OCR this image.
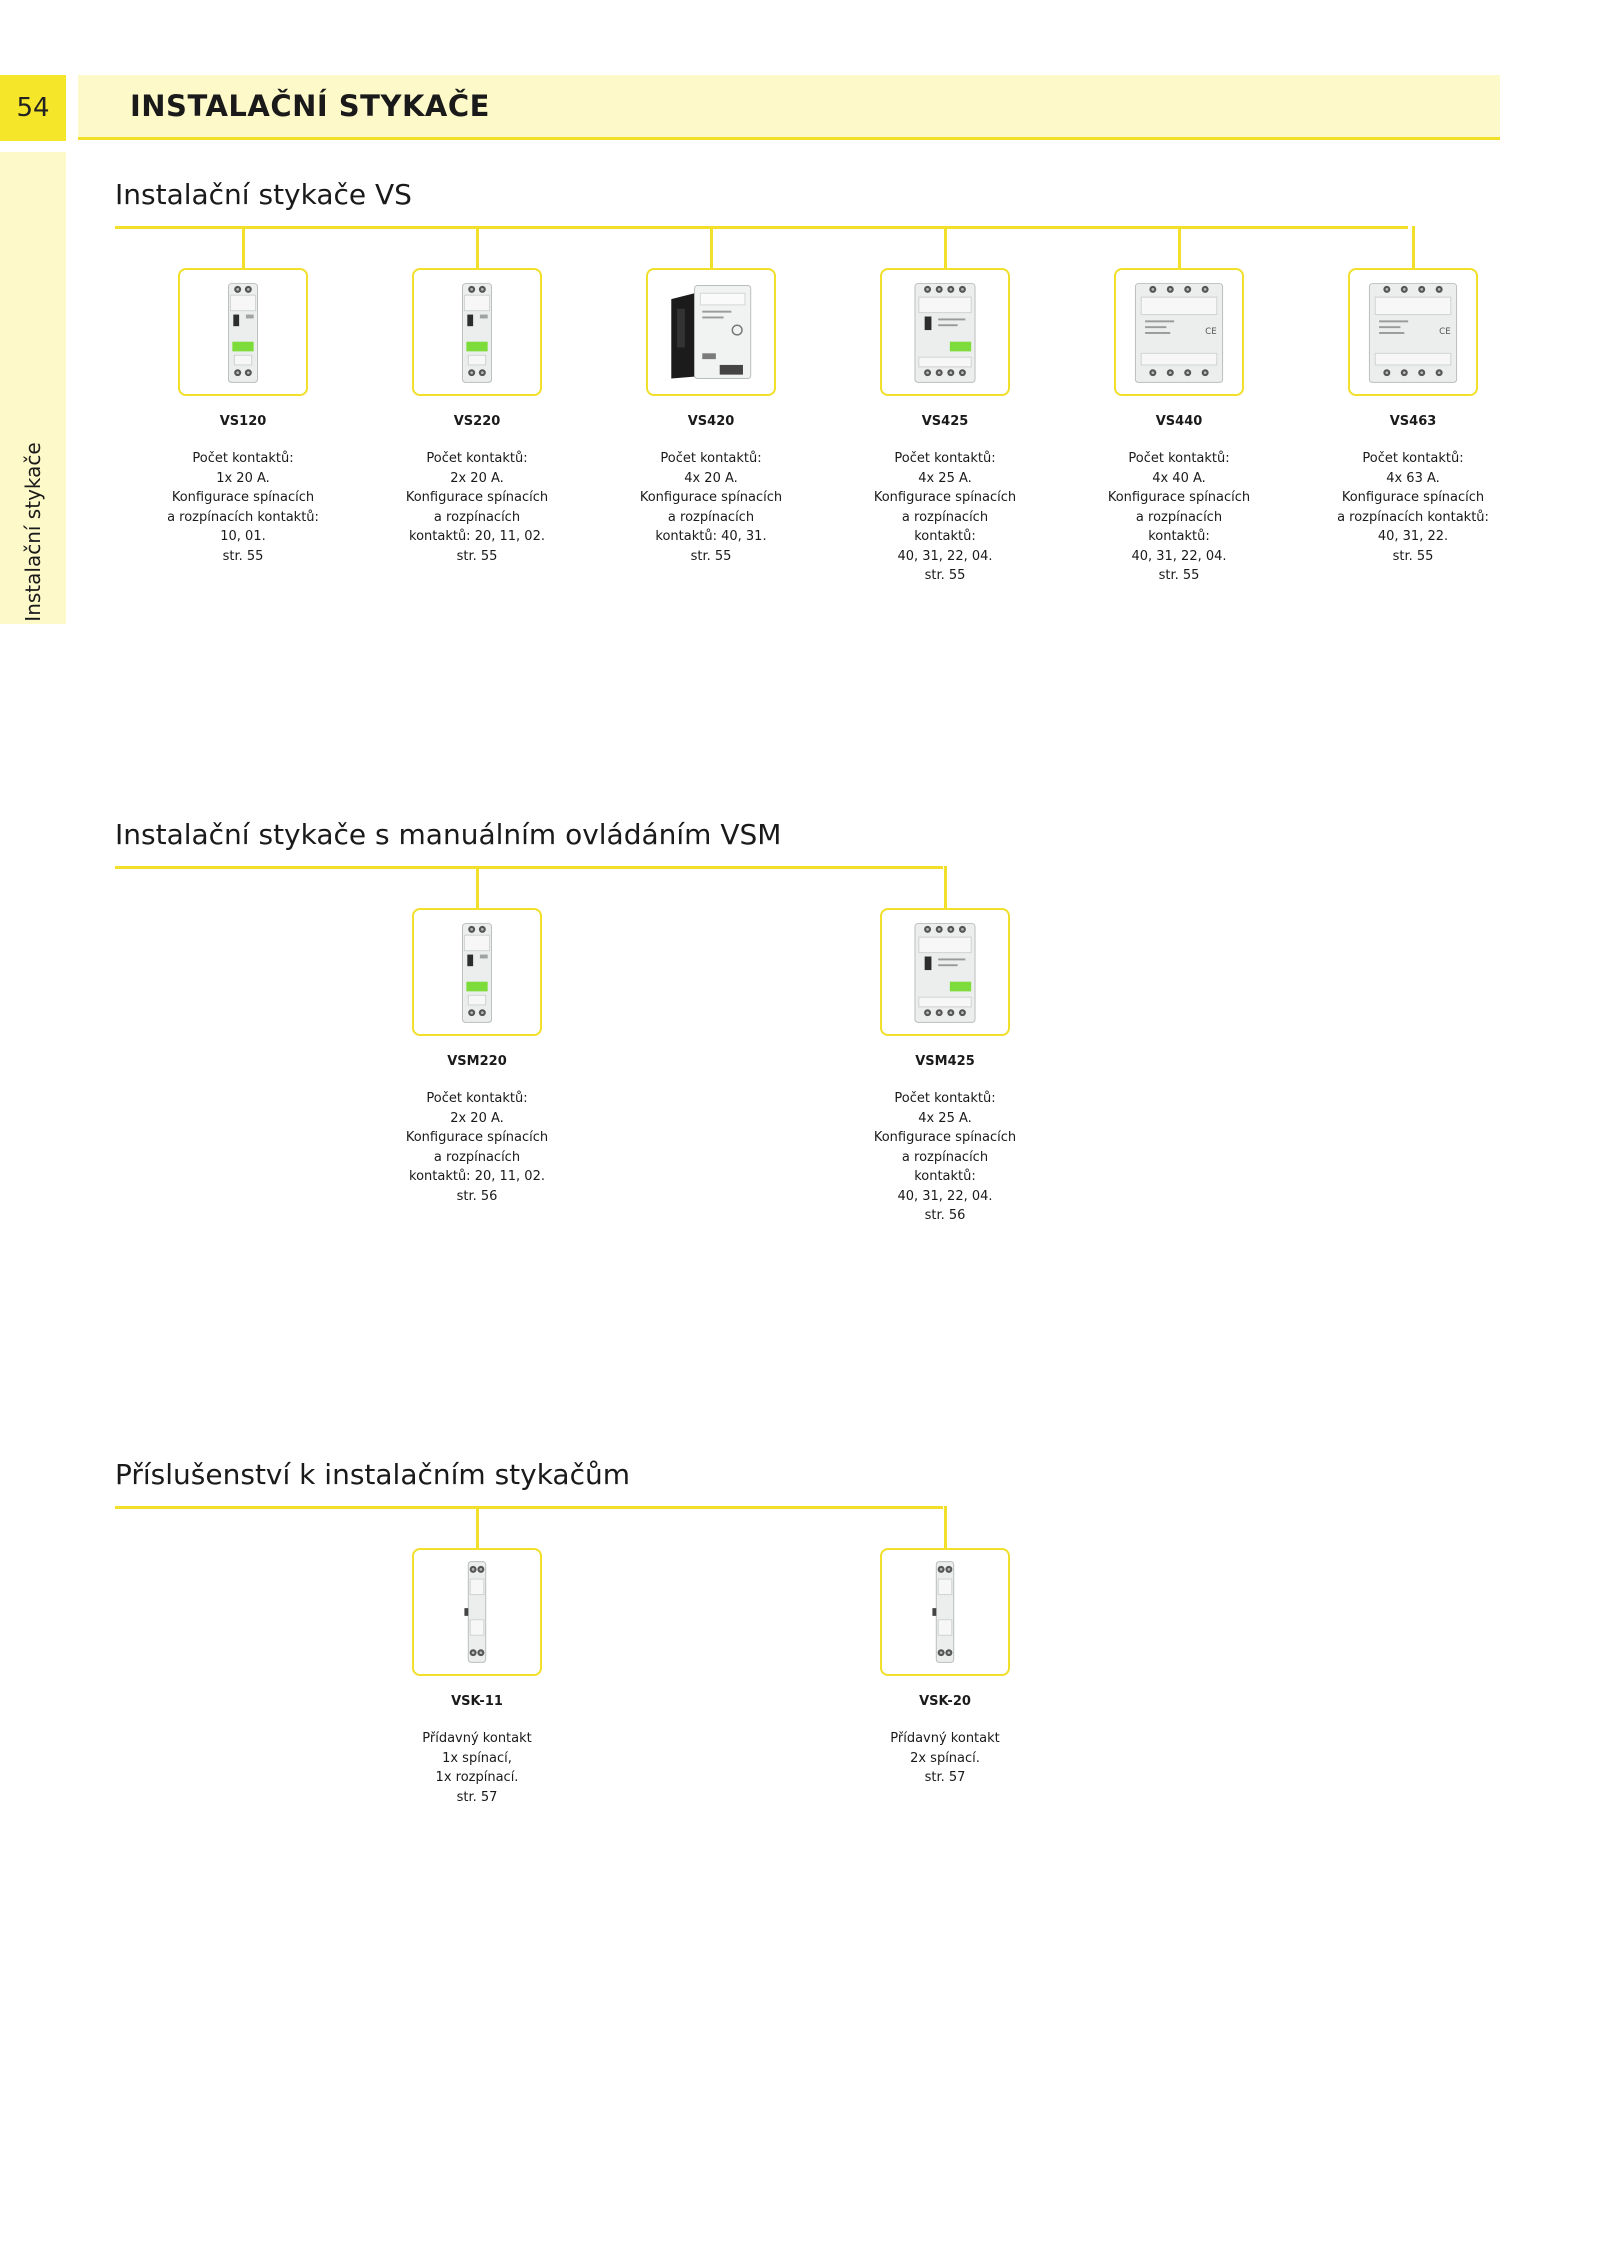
54	INSTALAČNÍ STYKAČE
Instalační stykače
Instalační stykače VS
VS120
Počet kontaktů:
1x 20 A.
Konfigurace spínacích
a rozpínacích kontaktů:
10, 01.
str. 55
VS220
Počet kontaktů:
2x 20 A.
Konfigurace spínacích
a rozpínacích
kontaktů: 20, 11, 02.
str. 55
VS420
Počet kontaktů:
4x 20 A.
Konfigurace spínacích
a rozpínacích
kontaktů: 40, 31.
str. 55
VS425
Počet kontaktů:
4x 25 A.
Konfigurace spínacích
a rozpínacích
kontaktů:
40, 31, 22, 04.
str. 55
CE
VS440
Počet kontaktů:
4x 40 A.
Konfigurace spínacích
a rozpínacích
kontaktů:
40, 31, 22, 04.
str. 55
CE
VS463
Počet kontaktů:
4x 63 A.
Konfigurace spínacích
a rozpínacích kontaktů:
40, 31, 22.
str. 55
Instalační stykače s manuálním ovládáním VSM
VSM220
Počet kontaktů:
2x 20 A.
Konfigurace spínacích
a rozpínacích
kontaktů: 20, 11, 02.
str. 56
VSM425
Počet kontaktů:
4x 25 A.
Konfigurace spínacích
a rozpínacích
kontaktů:
40, 31, 22, 04.
str. 56
Příslušenství k instalačním stykačům
VSK-11
Přídavný kontakt
1x spínací,
1x rozpínací.
str. 57
VSK-20
Přídavný kontakt
2x spínací.
str. 57
